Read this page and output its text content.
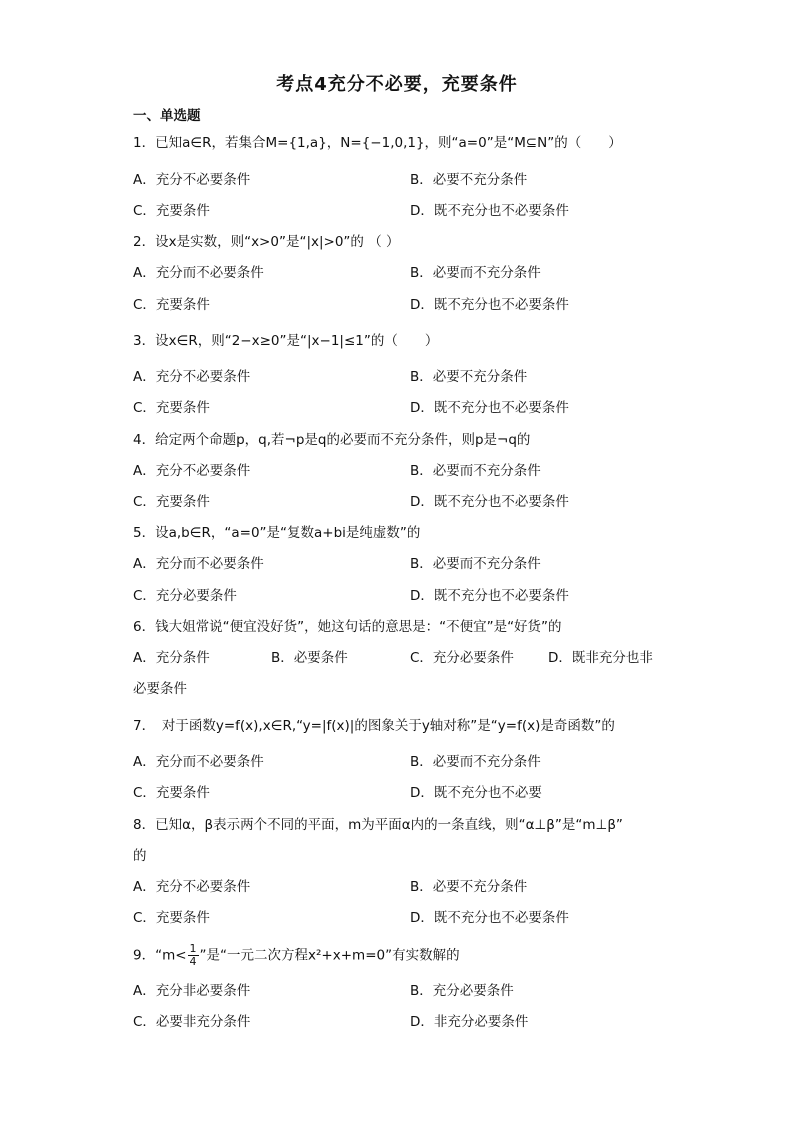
考点4充分不必要，充要条件
一、单选题
1．已知a∈R，若集合M={1,a}，N={−1,0,1}，则“a=0”是“M⊆N”的（　　）
A．充分不必要条件	B．必要不充分条件
C．充要条件	D．既不充分也不必要条件
2．设x是实数，则“x>0”是“|x|>0”的 （ ）
A．充分而不必要条件	B．必要而不充分条件
C．充要条件	D．既不充分也不必要条件
3．设x∈R，则“2−x≥0”是“|x−1|≤1”的（　　）
A．充分不必要条件	B．必要不充分条件
C．充要条件	D．既不充分也不必要条件
4．给定两个命题p，q,若¬p是q的必要而不充分条件，则p是¬q的
A．充分不必要条件	B．必要而不充分条件
C．充要条件	D．既不充分也不必要条件
5．设a,b∈R，“a=0”是“复数a+bi是纯虚数”的
A．充分而不必要条件	B．必要而不充分条件
C．充分必要条件	D．既不充分也不必要条件
6．钱大姐常说“便宜没好货”，她这句话的意思是：“不便宜”是“好货”的
A．充分条件	B．必要条件	C．充分必要条件	D．既非充分也非
必要条件
7．　对于函数y=f(x),x∈R,“y=|f(x)|的图象关于y轴对称”是“y=f(x)是奇函数”的
A．充分而不必要条件	B．必要而不充分条件
C．充要条件	D．既不充分也不必要
8．已知α，β表示两个不同的平面，m为平面α内的一条直线，则“α⊥β”是“m⊥β”
的
A．充分不必要条件	B．必要不充分条件
C．充要条件	D．既不充分也不必要条件
9．“$m< \frac{1}{4}$ ”是“一元二次方程x²+x+m=0”有实数解的
A．充分非必要条件	B．充分必要条件
C．必要非充分条件	D．非充分必要条件
